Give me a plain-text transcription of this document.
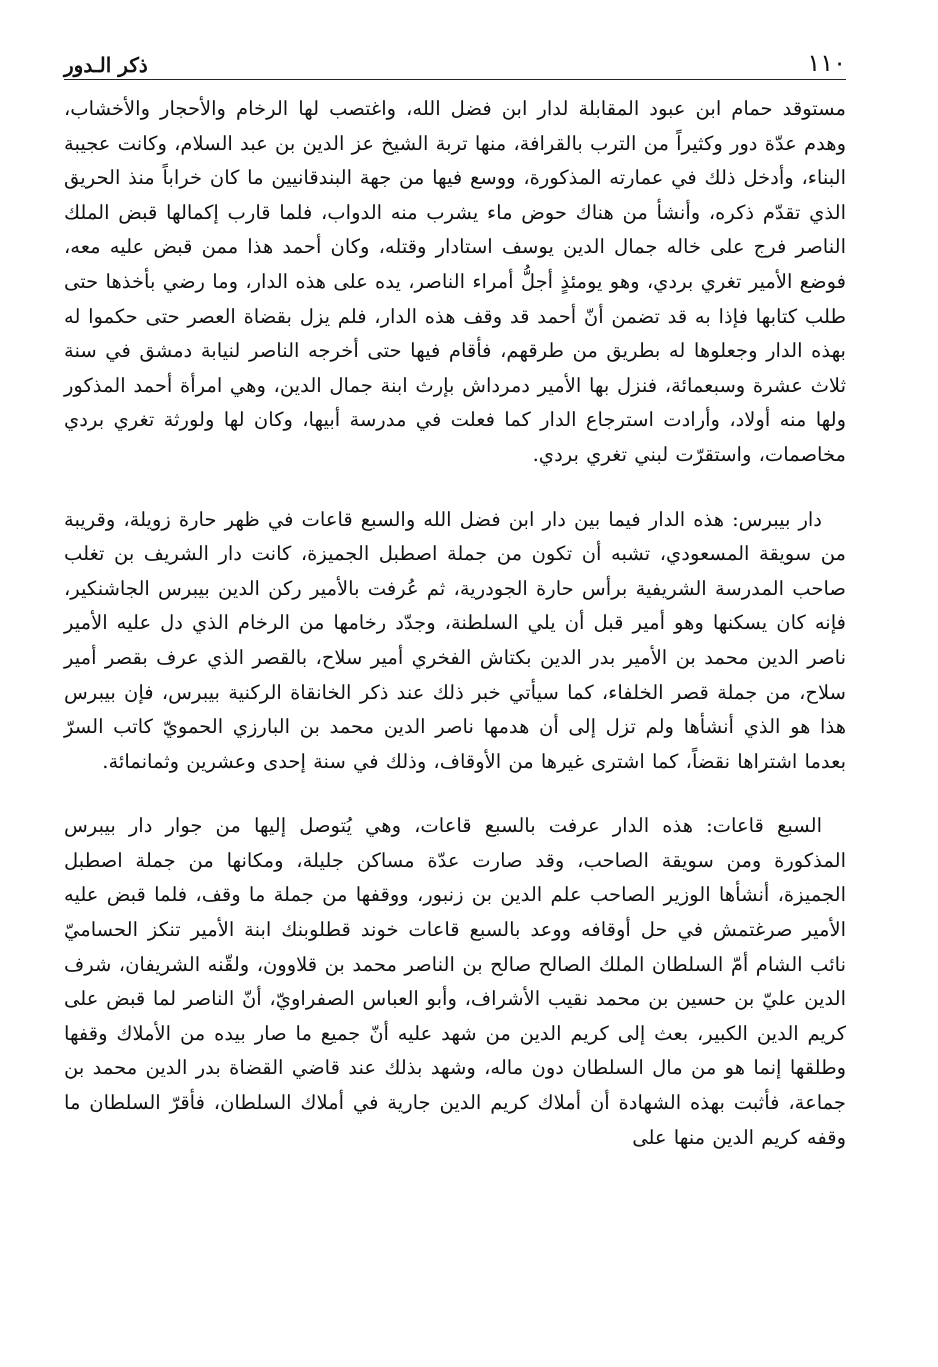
١١٠
ذكر الـدور

مستوقد حمام ابن عبود المقابلة لدار ابن فضل الله، واغتصب لها الرخام والأحجار والأخشاب، وهدم عدّة دور وكثيراً من الترب بالقرافة، منها تربة الشيخ عز الدين بن عبد السلام، وكانت عجيبة البناء، وأدخل ذلك في عمارته المذكورة، ووسع فيها من جهة البندقانيين ما كان خراباً منذ الحريق الذي تقدّم ذكره، وأنشأ من هناك حوض ماء يشرب منه الدواب، فلما قارب إكمالها قبض الملك الناصر فرج على خاله جمال الدين يوسف استادار وقتله، وكان أحمد هذا ممن قبض عليه معه، فوضع الأمير تغري بردي، وهو يومئذٍ أجلُّ أمراء الناصر، يده على هذه الدار، وما رضي بأخذها حتى طلب كتابها فإذا به قد تضمن أنّ أحمد قد وقف هذه الدار، فلم يزل بقضاة العصر حتى حكموا له بهذه الدار وجعلوها له بطريق من طرقهم، فأقام فيها حتى أخرجه الناصر لنيابة دمشق في سنة ثلاث عشرة وسبعمائة، فنزل بها الأمير دمرداش بإرث ابنة جمال الدين، وهي امرأة أحمد المذكور ولها منه أولاد، وأرادت استرجاع الدار كما فعلت في مدرسة أبيها، وكان لها ولورثة تغري بردي مخاصمات، واستقرّت لبني تغري بردي.

دار بيبرس: هذه الدار فيما بين دار ابن فضل الله والسبع قاعات في ظهر حارة زويلة، وقريبة من سويقة المسعودي، تشبه أن تكون من جملة اصطبل الجميزة، كانت دار الشريف بن تغلب صاحب المدرسة الشريفية برأس حارة الجودرية، ثم عُرفت بالأمير ركن الدين بيبرس الجاشنكير، فإنه كان يسكنها وهو أمير قبل أن يلي السلطنة، وجدّد رخامها من الرخام الذي دل عليه الأمير ناصر الدين محمد بن الأمير بدر الدين بكتاش الفخري أمير سلاح، بالقصر الذي عرف بقصر أمير سلاح، من جملة قصر الخلفاء، كما سيأتي خبر ذلك عند ذكر الخانقاة الركنية بيبرس، فإن بيبرس هذا هو الذي أنشأها ولم تزل إلى أن هدمها ناصر الدين محمد بن البارزي الحمويّ كاتب السرّ بعدما اشتراها نقضاً، كما اشترى غيرها من الأوقاف، وذلك في سنة إحدى وعشرين وثمانمائة.

السبع قاعات: هذه الدار عرفت بالسبع قاعات، وهي يُتوصل إليها من جوار دار بيبرس المذكورة ومن سويقة الصاحب، وقد صارت عدّة مساكن جليلة، ومكانها من جملة اصطبل الجميزة، أنشأها الوزير الصاحب علم الدين بن زنبور، ووقفها من جملة ما وقف، فلما قبض عليه الأمير صرغتمش في حل أوقافه ووعد بالسبع قاعات خوند قطلوبنك ابنة الأمير تنكز الحساميّ نائب الشام أمّ السلطان الملك الصالح صالح بن الناصر محمد بن قلاوون، ولقّنه الشريفان، شرف الدين عليّ بن حسين بن محمد نقيب الأشراف، وأبو العباس الصفراويّ، أنّ الناصر لما قبض على كريم الدين الكبير، بعث إلى كريم الدين من شهد عليه أنّ جميع ما صار بيده من الأملاك وقفها وطلقها إنما هو من مال السلطان دون ماله، وشهد بذلك عند قاضي القضاة بدر الدين محمد بن جماعة، فأثبت بهذه الشهادة أن أملاك كريم الدين جارية في أملاك السلطان، فأقرّ السلطان ما وقفه كريم الدين منها على
